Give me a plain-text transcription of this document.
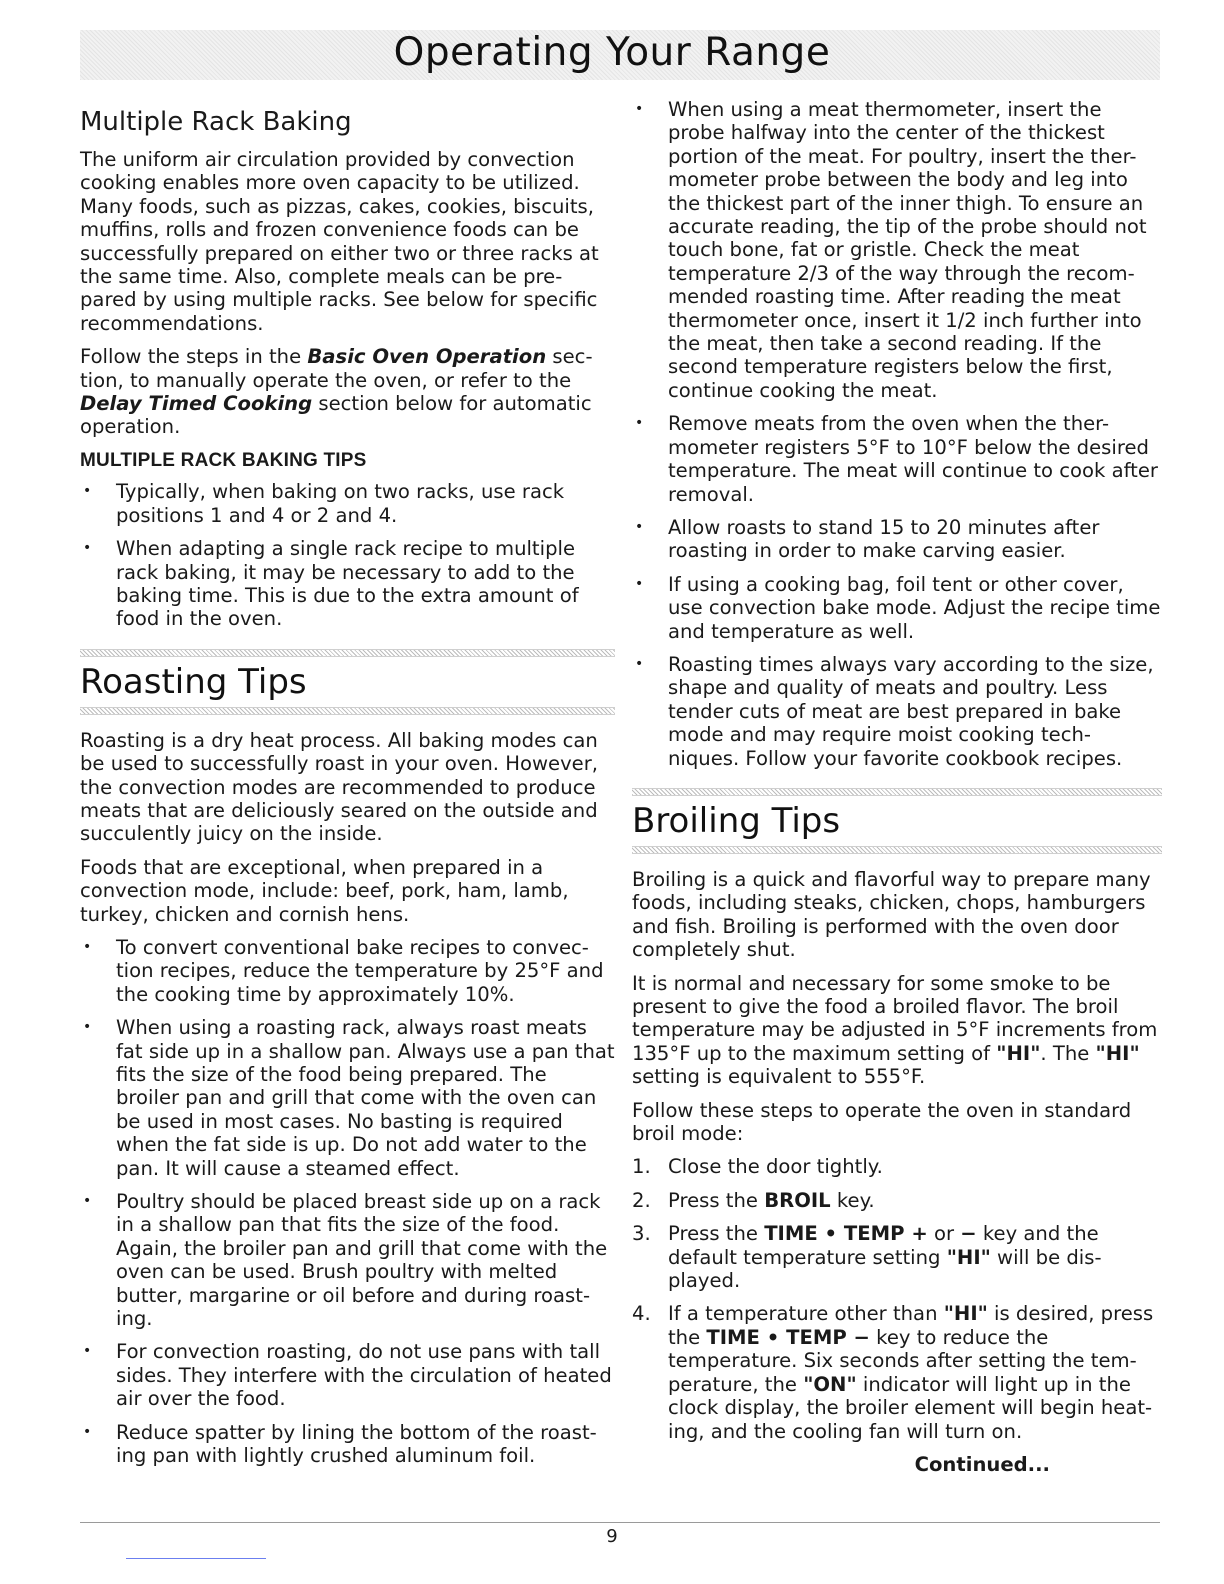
Operating Your Range
Multiple Rack Baking

The uniform air circulation provided by convection cooking enables more oven capacity to be utilized. Many foods, such as pizzas, cakes, cookies, biscuits, muffins, rolls and frozen convenience foods can be successfully prepared on either two or three racks at the same time. Also, complete meals can be pre-pared by using multiple racks. See below for specific recommendations.

Follow the steps in the Basic Oven Operation sec-tion, to manually operate the oven, or refer to the Delay Timed Cooking section below for automatic operation.

MULTIPLE RACK BAKING TIPS
• Typically, when baking on two racks, use rack positions 1 and 4 or 2 and 4.
• When adapting a single rack recipe to multiple rack baking, it may be necessary to add to the baking time. This is due to the extra amount of food in the oven.
Roasting Tips

Roasting is a dry heat process. All baking modes can be used to successfully roast in your oven. However, the convection modes are recommended to produce meats that are deliciously seared on the outside and succulently juicy on the inside.

Foods that are exceptional, when prepared in a convection mode, include: beef, pork, ham, lamb, turkey, chicken and cornish hens.

• To convert conventional bake recipes to convec-tion recipes, reduce the temperature by 25°F and the cooking time by approximately 10%.
• When using a roasting rack, always roast meats fat side up in a shallow pan. Always use a pan that fits the size of the food being prepared. The broiler pan and grill that come with the oven can be used in most cases. No basting is required when the fat side is up. Do not add water to the pan. It will cause a steamed effect.
• Poultry should be placed breast side up on a rack in a shallow pan that fits the size of the food. Again, the broiler pan and grill that come with the oven can be used. Brush poultry with melted butter, margarine or oil before and during roast-ing.
• For convection roasting, do not use pans with tall sides. They interfere with the circulation of heated air over the food.
• Reduce spatter by lining the bottom of the roast-ing pan with lightly crushed aluminum foil.
• When using a meat thermometer, insert the probe halfway into the center of the thickest portion of the meat. For poultry, insert the ther-mometer probe between the body and leg into the thickest part of the inner thigh. To ensure an accurate reading, the tip of the probe should not touch bone, fat or gristle. Check the meat temperature 2/3 of the way through the recom-mended roasting time. After reading the meat thermometer once, insert it 1/2 inch further into the meat, then take a second reading. If the second temperature registers below the first, continue cooking the meat.
• Remove meats from the oven when the ther-mometer registers 5°F to 10°F below the desired temperature. The meat will continue to cook after removal.
• Allow roasts to stand 15 to 20 minutes after roasting in order to make carving easier.
• If using a cooking bag, foil tent or other cover, use convection bake mode. Adjust the recipe time and temperature as well.
• Roasting times always vary according to the size, shape and quality of meats and poultry. Less tender cuts of meat are best prepared in bake mode and may require moist cooking tech-niques. Follow your favorite cookbook recipes.
Broiling Tips

Broiling is a quick and flavorful way to prepare many foods, including steaks, chicken, chops, hamburgers and fish. Broiling is performed with the oven door completely shut.

It is normal and necessary for some smoke to be present to give the food a broiled flavor. The broil temperature may be adjusted in 5°F increments from 135°F up to the maximum setting of "HI". The "HI" setting is equivalent to 555°F.

Follow these steps to operate the oven in standard broil mode:

1. Close the door tightly.
2. Press the BROIL key.
3. Press the TIME • TEMP + or − key and the default temperature setting "HI" will be dis-played.
4. If a temperature other than "HI" is desired, press the TIME • TEMP − key to reduce the temperature. Six seconds after setting the tem-perature, the "ON" indicator will light up in the clock display, the broiler element will begin heat-ing, and the cooling fan will turn on.
Continued...
9
